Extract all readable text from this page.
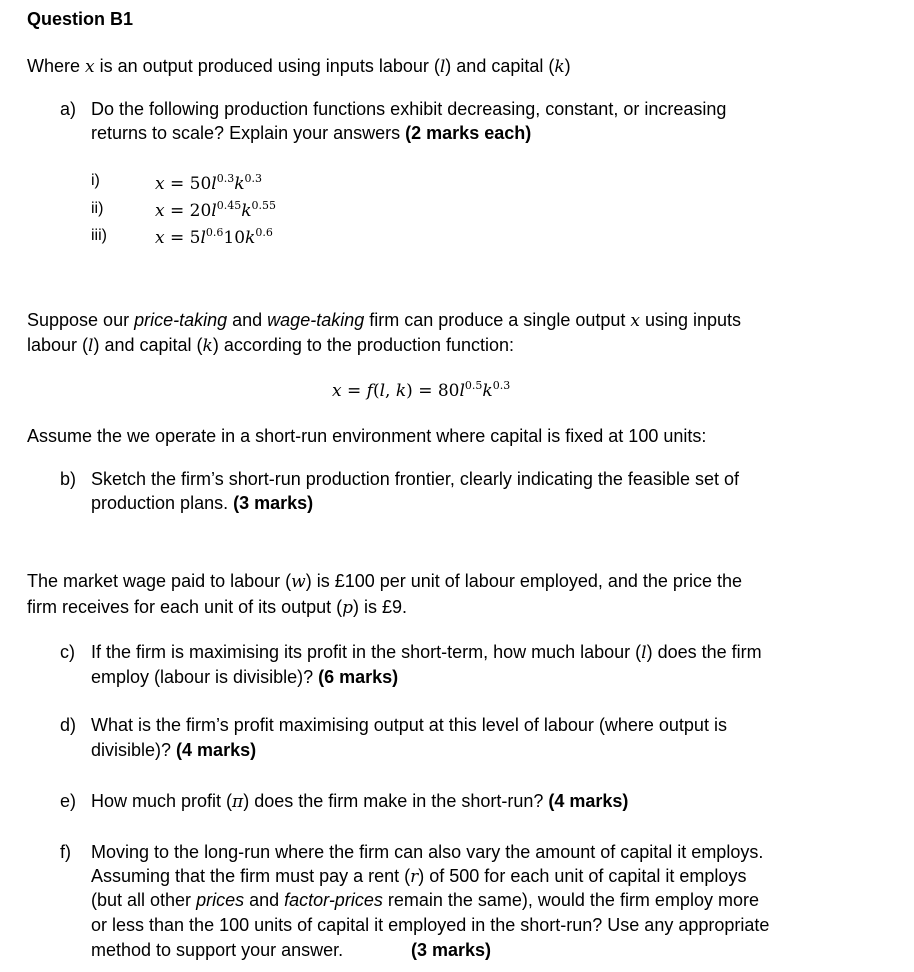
Question B1
Where x is an output produced using inputs labour (l) and capital (k)
a) Do the following production functions exhibit decreasing, constant, or increasing
returns to scale? Explain your answers (2 marks each)
i)	$x = 50l^{0.3}k^{0.3}$
ii)	$x = 20l^{0.45}k^{0.55}$
iii)	$x = 5l^{0.6}10k^{0.6}$
Suppose our price-taking and wage-taking firm can produce a single output x using inputs
labour (l) and capital (k) according to the production function:
x = f(l, $k) = 80l^{0.5}k^{0.3}$
Assume the we operate in a short-run environment where capital is fixed at 100 units:
b) Sketch the firm’s short-run production frontier, clearly indicating the feasible set of
production plans. (3 marks)
The market wage paid to labour (w) is £100 per unit of labour employed, and the price the
firm receives for each unit of its output (p) is £9.
c) If the firm is maximising its profit in the short-term, how much labour (l) does the firm
employ (labour is divisible)? (6 marks)
d) What is the firm’s profit maximising output at this level of labour (where output is
divisible)? (4 marks)
e) How much profit (π) does the firm make in the short-run? (4 marks)
f) Moving to the long-run where the firm can also vary the amount of capital it employs.
Assuming that the firm must pay a rent (r) of 500 for each unit of capital it employs
(but all other prices and factor-prices remain the same), would the firm employ more
or less than the 100 units of capital it employed in the short-run? Use any appropriate
method to support your answer.	(3 marks)
